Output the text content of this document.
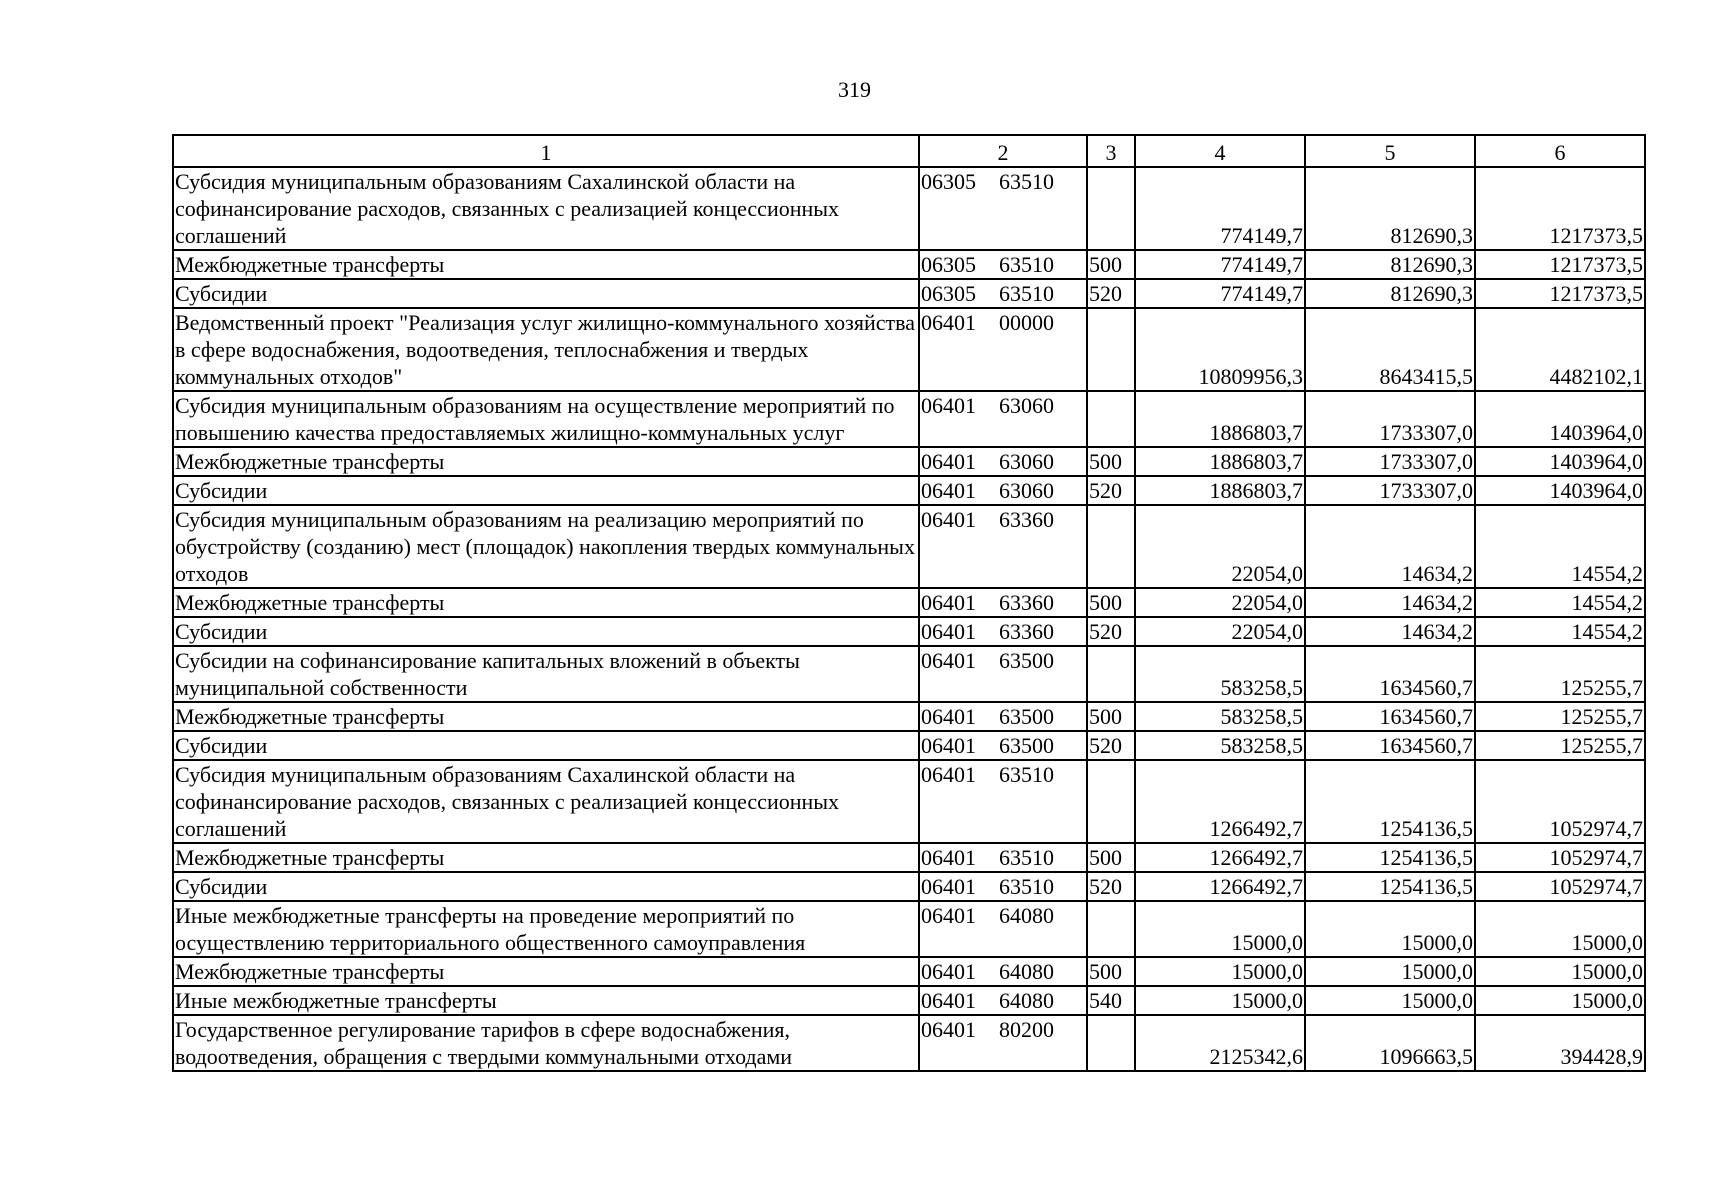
319
1	2	3	4	5	6
Субсидия муниципальным образованиям Сахалинской области на софинансирование расходов, связанных с реализацией концессионных соглашений	06305 63510		774149,7	812690,3	1217373,5
Межбюджетные трансферты	06305 63510	500	774149,7	812690,3	1217373,5
Субсидии	06305 63510	520	774149,7	812690,3	1217373,5
Ведомственный проект "Реализация услуг жилищно-коммунального хозяйства в сфере водоснабжения, водоотведения, теплоснабжения и твердых коммунальных отходов"	06401 00000		10809956,3	8643415,5	4482102,1
Субсидия муниципальным образованиям на осуществление мероприятий по повышению качества предоставляемых жилищно-коммунальных услуг	06401 63060		1886803,7	1733307,0	1403964,0
Межбюджетные трансферты	06401 63060	500	1886803,7	1733307,0	1403964,0
Субсидии	06401 63060	520	1886803,7	1733307,0	1403964,0
Субсидия муниципальным образованиям на реализацию мероприятий по обустройству (созданию) мест (площадок) накопления твердых коммунальных отходов	06401 63360		22054,0	14634,2	14554,2
Межбюджетные трансферты	06401 63360	500	22054,0	14634,2	14554,2
Субсидии	06401 63360	520	22054,0	14634,2	14554,2
Субсидии на софинансирование капитальных вложений в объекты муниципальной собственности	06401 63500		583258,5	1634560,7	125255,7
Межбюджетные трансферты	06401 63500	500	583258,5	1634560,7	125255,7
Субсидии	06401 63500	520	583258,5	1634560,7	125255,7
Субсидия муниципальным образованиям Сахалинской области на софинансирование расходов, связанных с реализацией концессионных соглашений	06401 63510		1266492,7	1254136,5	1052974,7
Межбюджетные трансферты	06401 63510	500	1266492,7	1254136,5	1052974,7
Субсидии	06401 63510	520	1266492,7	1254136,5	1052974,7
Иные межбюджетные трансферты на проведение мероприятий по осуществлению территориального общественного самоуправления	06401 64080		15000,0	15000,0	15000,0
Межбюджетные трансферты	06401 64080	500	15000,0	15000,0	15000,0
Иные межбюджетные трансферты	06401 64080	540	15000,0	15000,0	15000,0
Государственное регулирование тарифов в сфере водоснабжения, водоотведения, обращения с твердыми коммунальными отходами	06401 80200		2125342,6	1096663,5	394428,9
